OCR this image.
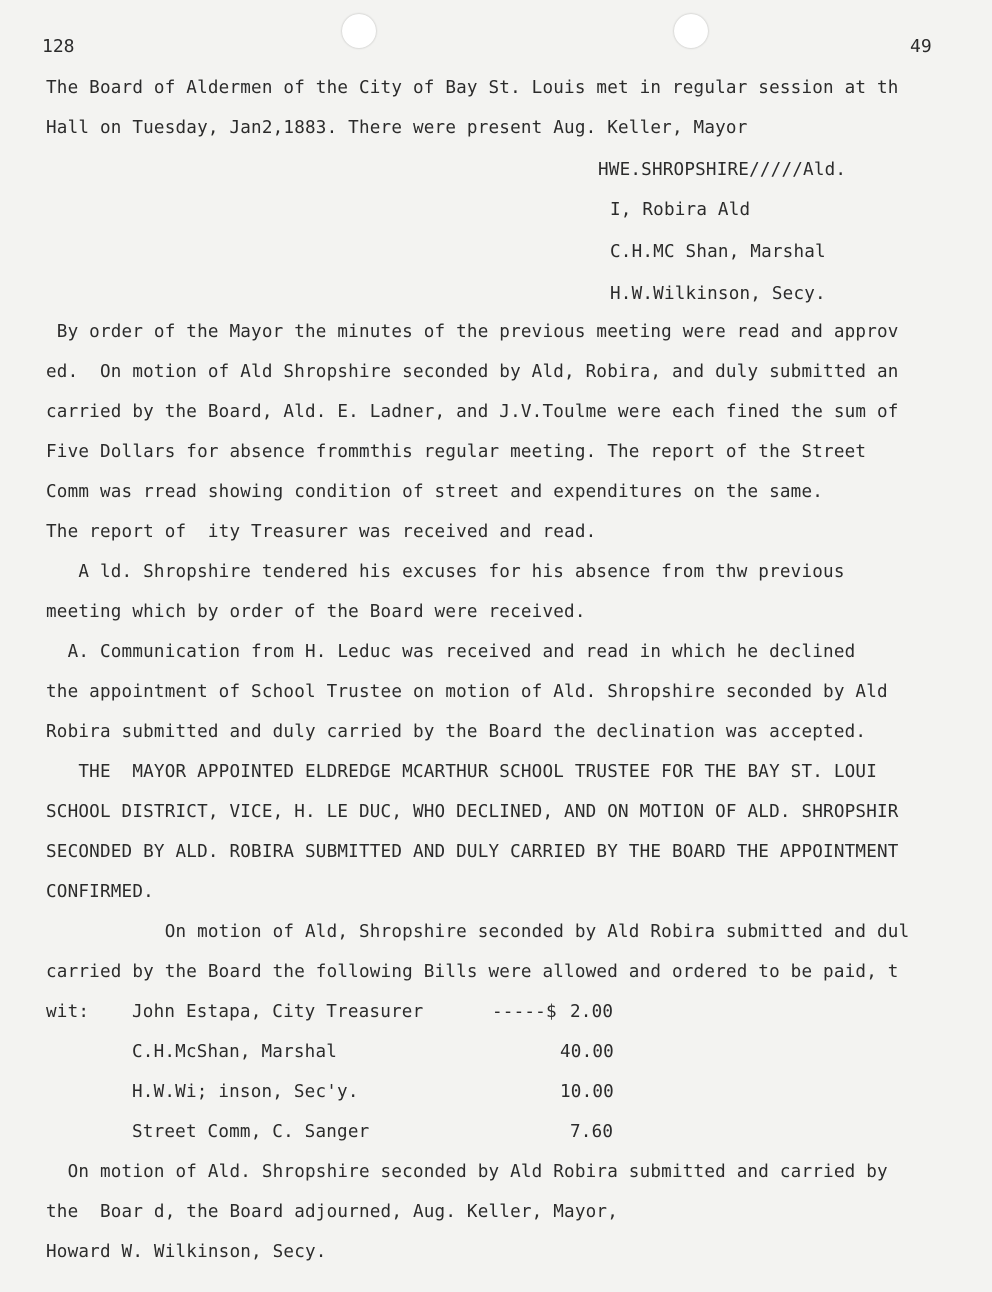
128	49
The Board of Aldermen of the City of Bay St. Louis met in regular session at th
Hall on Tuesday, Jan2,1883. There were present Aug. Keller, Mayor
HWE.SHROPSHIRE/////Ald.
I, Robira Ald
C.H.MC Shan, Marshal
H.W.Wilkinson, Secy.
By order of the Mayor the minutes of the previous meeting were read and approv
ed.  On motion of Ald Shropshire seconded by Ald, Robira, and duly submitted an
carried by the Board, Ald. E. Ladner, and J.V.Toulme were each fined the sum of
Five Dollars for absence frommthis regular meeting. The report of the Street
Comm was rread showing condition of street and expenditures on the same.
The report of  ity Treasurer was received and read.
A ld. Shropshire tendered his excuses for his absence from thw previous
meeting which by order of the Board were received.
A. Communication from H. Leduc was received and read in which he declined
the appointment of School Trustee on motion of Ald. Shropshire seconded by Ald
Robira submitted and duly carried by the Board the declination was accepted.
THE  MAYOR APPOINTED ELDREDGE MCARTHUR SCHOOL TRUSTEE FOR THE BAY ST. LOUI
SCHOOL DISTRICT, VICE, H. LE DUC, WHO DECLINED, AND ON MOTION OF ALD. SHROPSHIR
SECONDED BY ALD. ROBIRA SUBMITTED AND DULY CARRIED BY THE BOARD THE APPOINTMENT
CONFIRMED.
On motion of Ald, Shropshire seconded by Ald Robira submitted and dul
carried by the Board the following Bills were allowed and ordered to be paid, t
wit: John Estapa, City Treasurer	-----$ 2.00
C.H.McShan, Marshal	40.00
H.W.Wi; inson, Sec'y.	10.00
Street Comm, C. Sanger	7.60
On motion of Ald. Shropshire seconded by Ald Robira submitted and carried by
the  Boar d, the Board adjourned, Aug. Keller, Mayor,
Howard W. Wilkinson, Secy.
